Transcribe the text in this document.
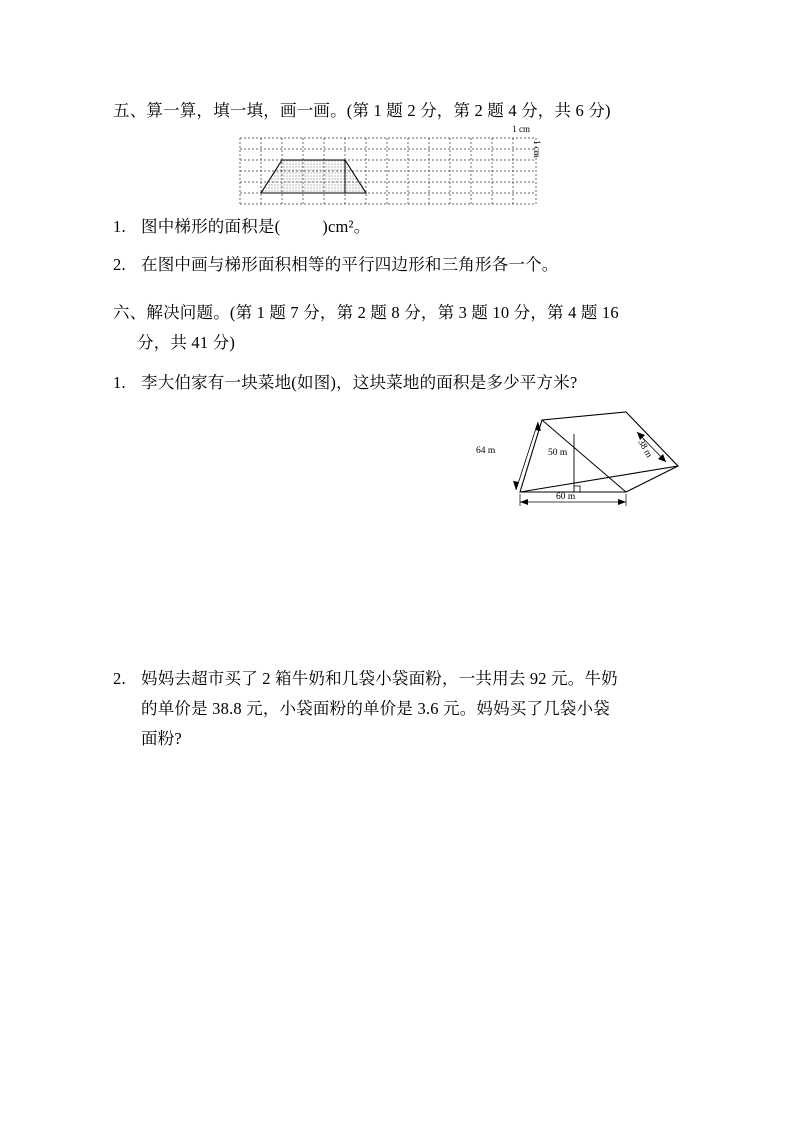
五、算一算，填一填，画一画。(第 1 题 2 分，第 2 题 4 分，共 6 分)
1 cm
1 cm
1. 图中梯形的面积是(	)cm²。
2. 在图中画与梯形面积相等的平行四边形和三角形各一个。
六、解决问题。(第 1 题 7 分，第 2 题 8 分，第 3 题 10 分，第 4 题 16
分，共 41 分)
1. 李大伯家有一块菜地(如图)，这块菜地的面积是多少平方米?
64 m	50 m	38 m
60 m
2. 妈妈去超市买了 2 箱牛奶和几袋小袋面粉，一共用去 92 元。牛奶
的单价是 38.8 元，小袋面粉的单价是 3.6 元。妈妈买了几袋小袋
面粉?
